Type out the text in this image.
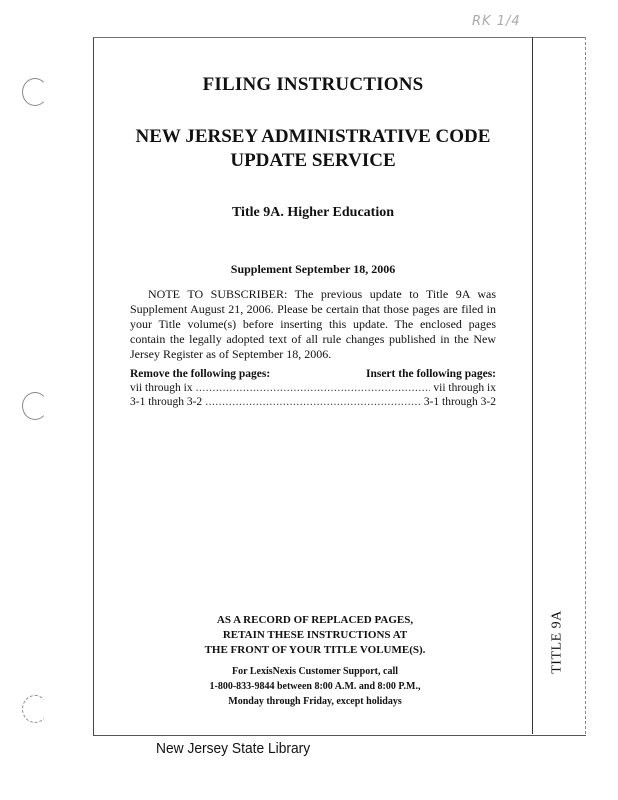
RK 1/4
FILING INSTRUCTIONS
NEW JERSEY ADMINISTRATIVE CODE
UPDATE SERVICE
Title 9A. Higher Education
Supplement September 18, 2006
NOTE TO SUBSCRIBER: The previous update to Title 9A was Supplement August 21, 2006. Please be certain that those pages are filed in your Title volume(s) before inserting this update. The enclosed pages contain the legally adopted text of all rule changes published in the New Jersey Register as of September 18, 2006.
Remove the following pages:	Insert the following pages:
vii through ix .....	vii through ix
3-1 through 3-2 .....	3-1 through 3-2
AS A RECORD OF REPLACED PAGES,
RETAIN THESE INSTRUCTIONS AT
THE FRONT OF YOUR TITLE VOLUME(S).
For LexisNexis Customer Support, call
1-800-833-9844 between 8:00 A.M. and 8:00 P.M.,
Monday through Friday, except holidays
TITLE 9A
New Jersey State Library
